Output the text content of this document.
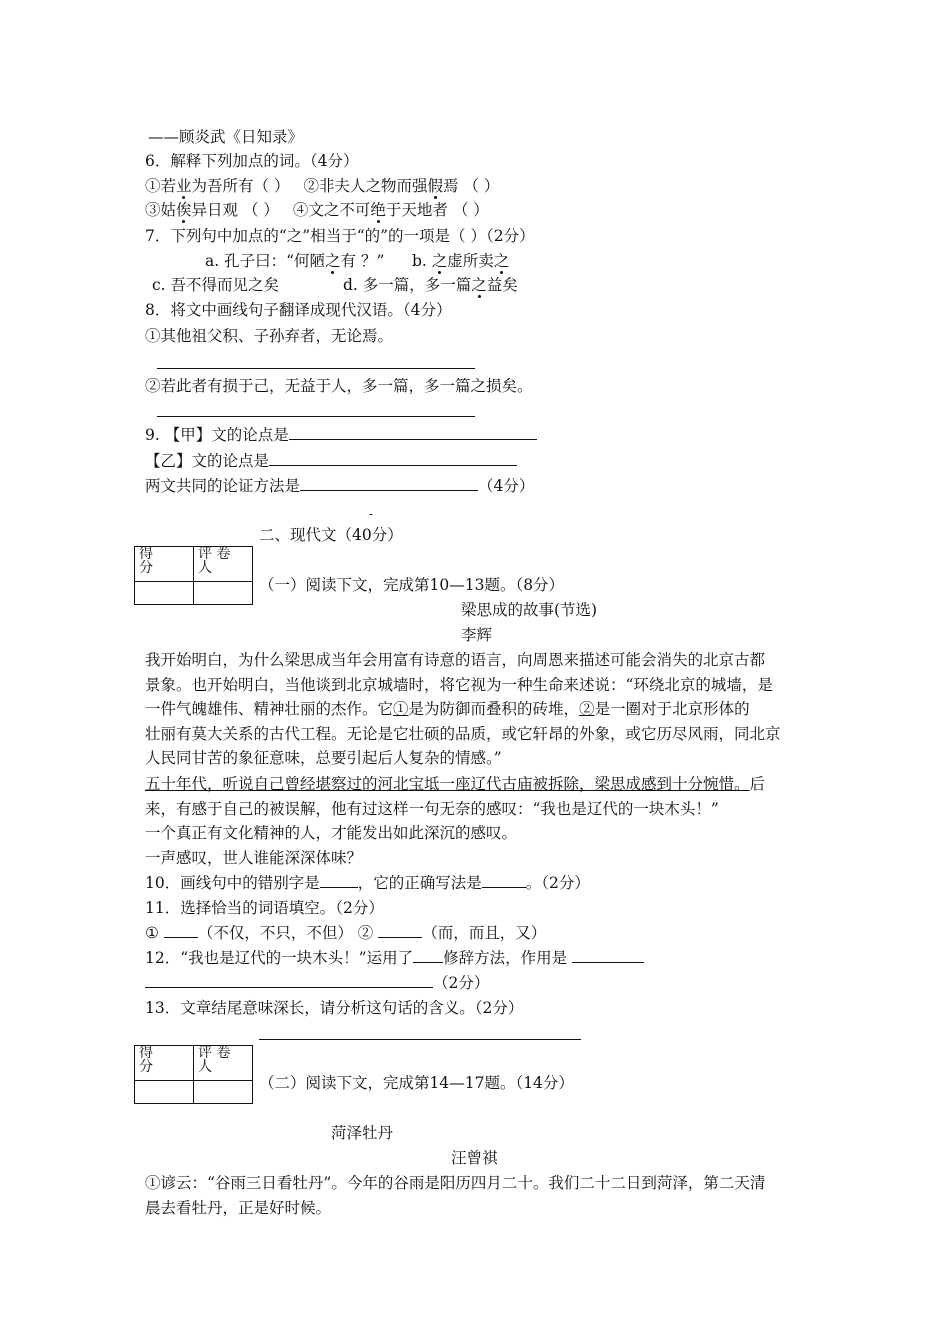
——顾炎武《日知录》
6．解释下列加点的词。（4分）
①若业为吾所有（ ） ②非夫人之物而强假焉 （ ）
③姑俟异日观 （ ） ④文之不可绝于天地者 （ ）
7．下列句中加点的“之”相当于“的”的一项是（ ）（2分）
a. 孔子曰：“何陋之有 ？” b. 之虚所卖之
c. 吾不得而见之矣	d. 多一篇，多一篇之益矣
8．将文中画线句子翻译成现代汉语。（4分）
①其他祖父积、子孙弃者，无论焉。
②若此者有损于己，无益于人，多一篇，多一篇之损矣。
9. 【甲】文的论点是
【乙】文的论点是
两文共同的论证方法是	（4分）
-
二、现代文（40分）
得
分	评 卷
人

（一）阅读下文，完成第10—13题。（8分）
梁思成的故事(节选)
李辉
我开始明白，为什么梁思成当年会用富有诗意的语言，向周恩来描述可能会消失的北京古都
景象。也开始明白，当他谈到北京城墙时，将它视为一种生命来述说：“环绕北京的城墙，是
一件气魄雄伟、精神壮丽的杰作。它①是为防御而叠积的砖堆，②是一圈对于北京形体的
壮丽有莫大关系的古代工程。无论是它壮硕的品质，或它轩昂的外象，或它历尽风雨，同北京
人民同甘苦的象征意味，总要引起后人复杂的情感。”
五十年代，听说自己曾经堪察过的河北宝坻一座辽代古庙被拆除，梁思成感到十分惋惜。后
来，有感于自己的被误解，他有过这样一句无奈的感叹：“我也是辽代的一块木头！”
一个真正有文化精神的人，才能发出如此深沉的感叹。
一声感叹，世人谁能深深体味？
10．画线句中的错别字是 ，它的正确写法是	。（2分）
11．选择恰当的词语填空。（2分）
①	（不仅，不只，不但） ②	（而，而且，又）
12．“我也是辽代的一块木头！”运用了 修辞方法，作用是
（2分）
13．文章结尾意味深长，请分析这句话的含义。（2分）
得
分	评 卷
人

（二）阅读下文，完成第14—17题。（14分）
菏泽牡丹
汪曾祺
①谚云：“谷雨三日看牡丹”。今年的谷雨是阳历四月二十。我们二十二日到菏泽，第二天清
晨去看牡丹，正是好时候。
